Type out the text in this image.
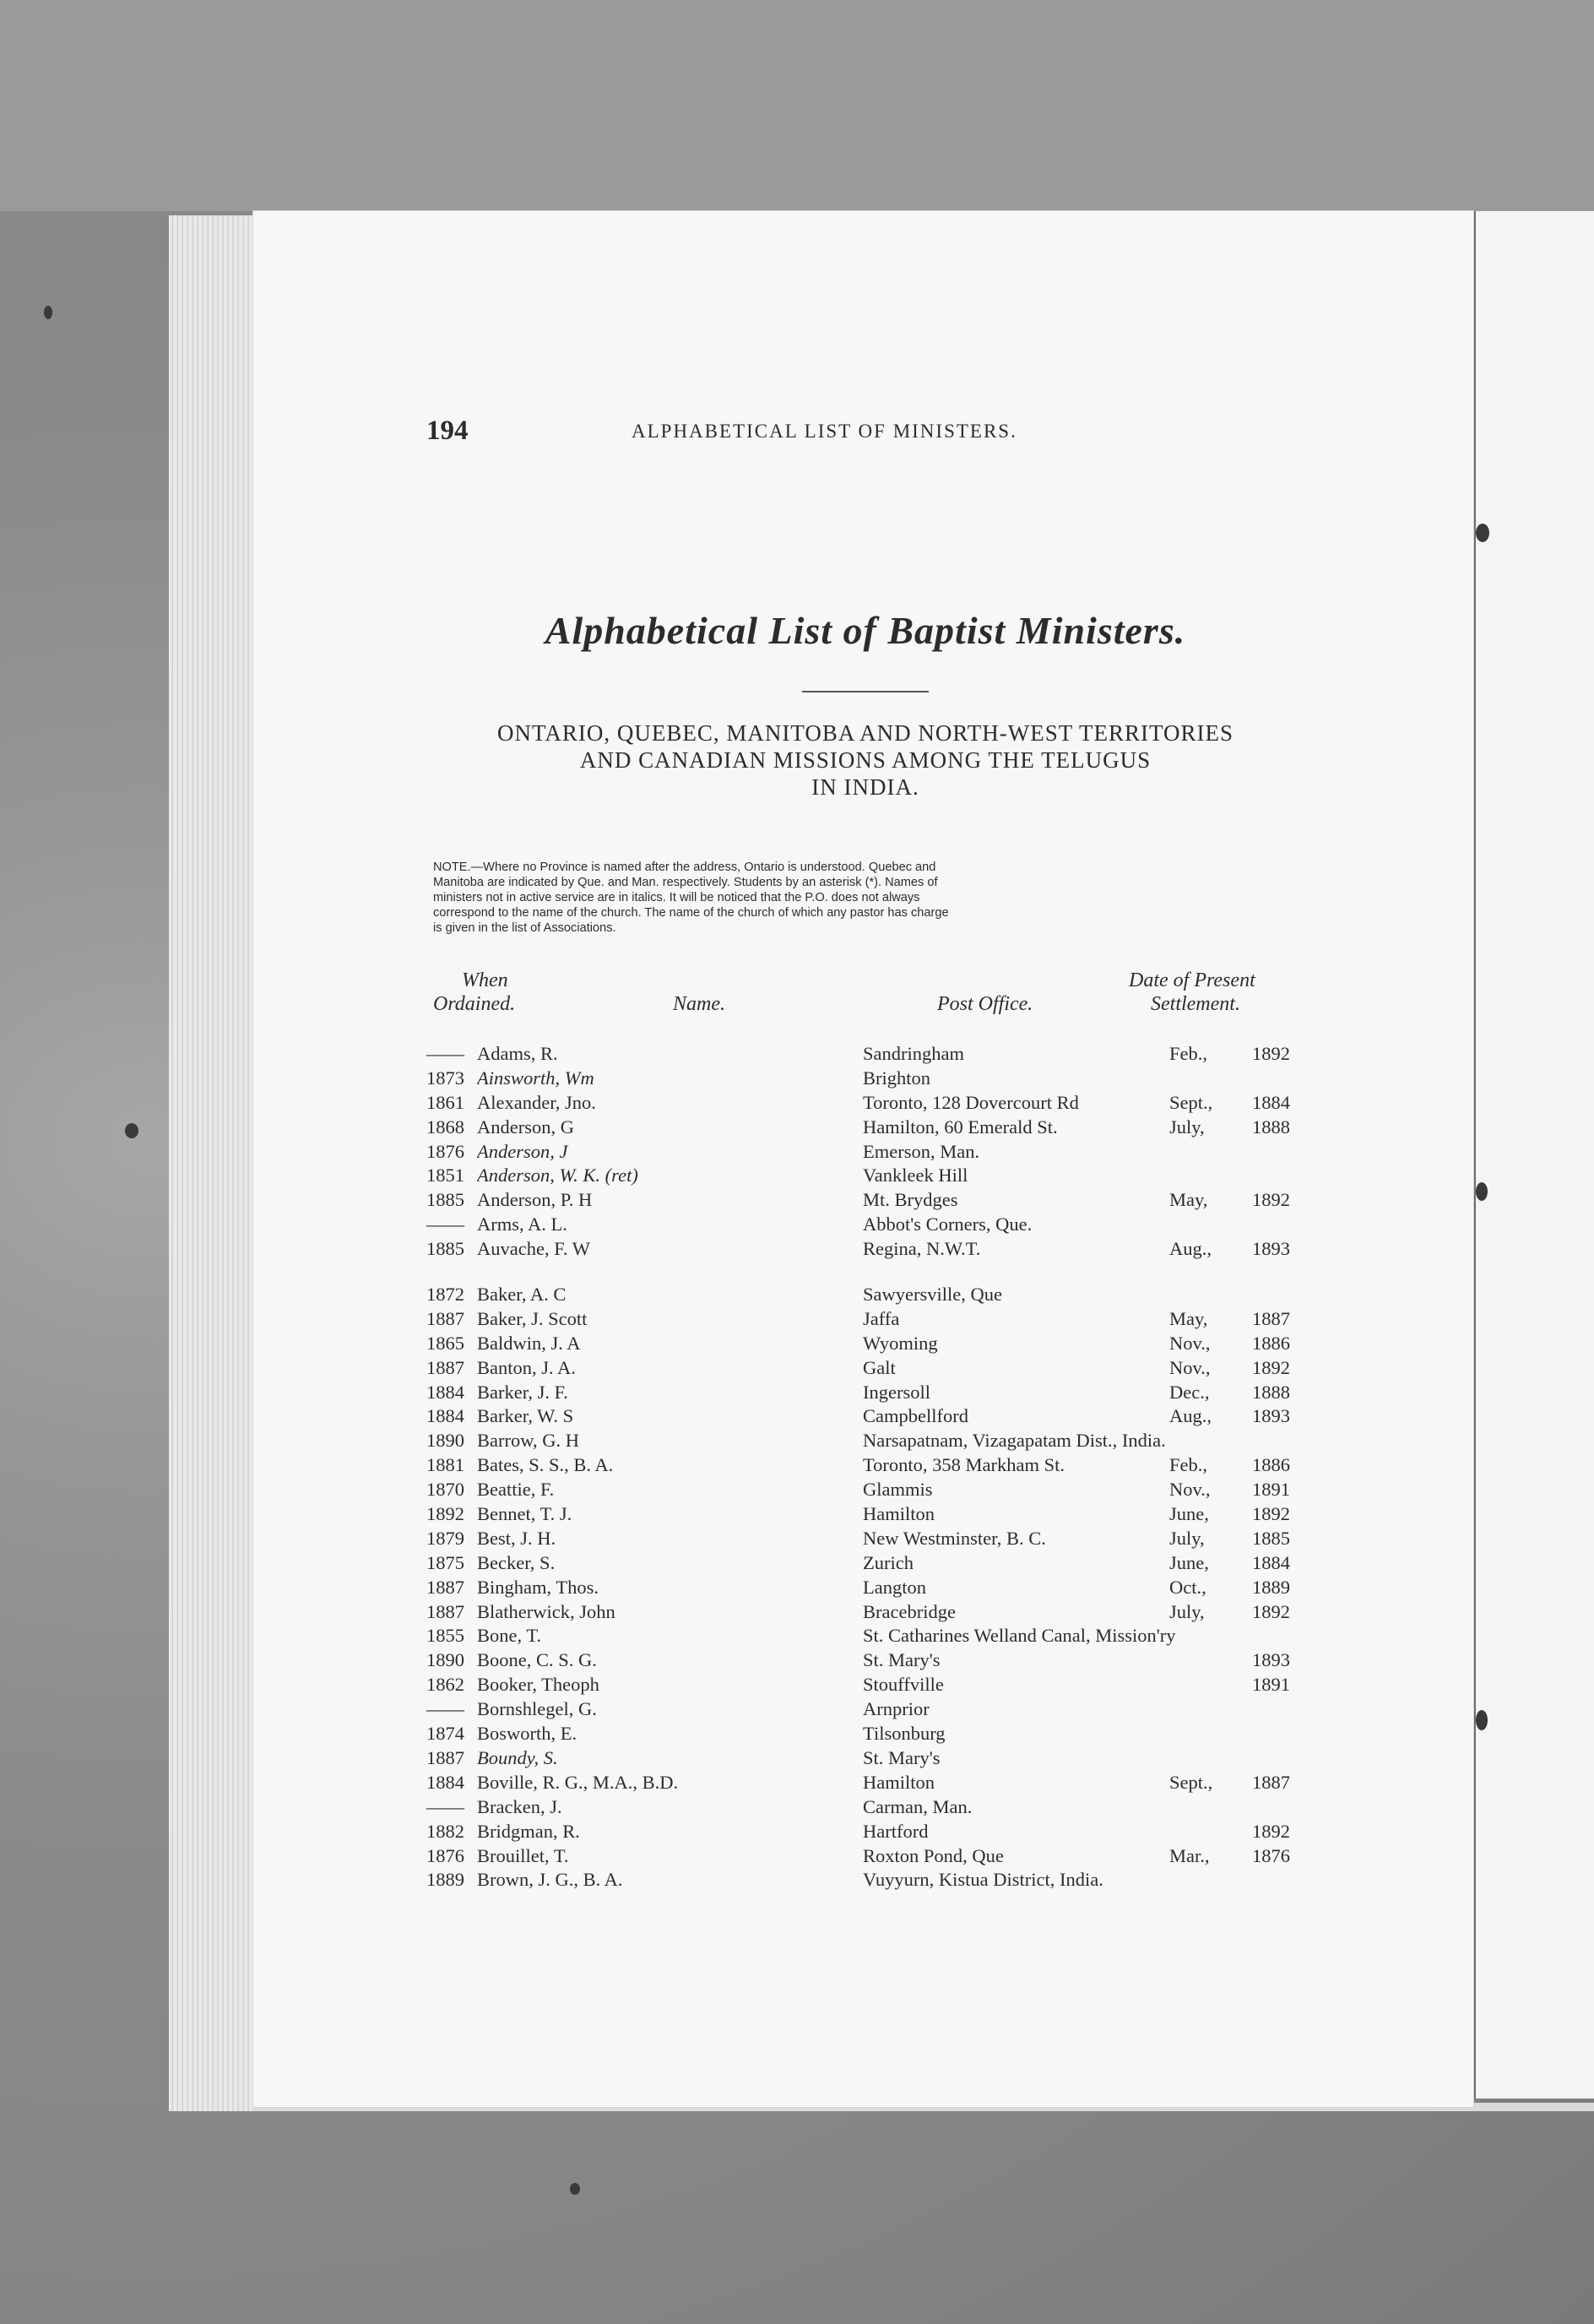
194	ALPHABETICAL LIST OF MINISTERS.
Alphabetical List of Baptist Ministers.
ONTARIO, QUEBEC, MANITOBA AND NORTH-WEST TERRITORIES
AND CANADIAN MISSIONS AMONG THE TELUGUS
IN INDIA.
NOTE.—Where no Province is named after the address, Ontario is understood. Quebec and
Manitoba are indicated by Que. and Man. respectively. Students by an asterisk (*). Names of
ministers not in active service are in italics. It will be noticed that the P.O. does not always
correspond to the name of the church. The name of the church of which any pastor has charge
is given in the list of Associations.
When
Ordained.	Name.	Post Office.
Date of Present
Settlement.
—— Adams, R.	Sandringham	Feb.,	1892
1873 Ainsworth, Wm	Brighton
1861 Alexander, Jno.	Toronto, 128 Dovercourt Rd	Sept.,	1884
1868 Anderson, G	Hamilton, 60 Emerald St.	July,	1888
1876 Anderson, J	Emerson, Man.
1851 Anderson, W. K. (ret)	Vankleek Hill
1885 Anderson, P. H	Mt. Brydges	May,	1892
—— Arms, A. L.	Abbot's Corners, Que.
1885 Auvache, F. W	Regina, N.W.T.	Aug.,	1893
1872 Baker, A. C	Sawyersville, Que
1887 Baker, J. Scott	Jaffa	May,	1887
1865 Baldwin, J. A	Wyoming	Nov.,	1886
1887 Banton, J. A.	Galt	Nov.,	1892
1884 Barker, J. F.	Ingersoll	Dec.,	1888
1884 Barker, W. S	Campbellford	Aug.,	1893
1890 Barrow, G. H	Narsapatnam, Vizagapatam Dist., India.
1881 Bates, S. S., B. A.	Toronto, 358 Markham St.	Feb.,	1886
1870 Beattie, F.	Glammis	Nov.,	1891
1892 Bennet, T. J.	Hamilton	June,	1892
1879 Best, J. H.	New Westminster, B. C.	July,	1885
1875 Becker, S.	Zurich	June,	1884
1887 Bingham, Thos.	Langton	Oct.,	1889
1887 Blatherwick, John	Bracebridge	July,	1892
1855 Bone, T.	St. Catharines Welland Canal, Mission'ry
1890 Boone, C. S. G.	St. Mary's	1893
1862 Booker, Theoph	Stouffville	1891
—— Bornshlegel, G.	Arnprior
1874 Bosworth, E.	Tilsonburg
1887 Boundy, S.	St. Mary's
1884 Boville, R. G., M.A., B.D.	Hamilton	Sept.,	1887
—— Bracken, J.	Carman, Man.
1882 Bridgman, R.	Hartford	1892
1876 Brouillet, T.	Roxton Pond, Que	Mar.,	1876
1889 Brown, J. G., B. A.	Vuyyurn, Kistua District, India.
